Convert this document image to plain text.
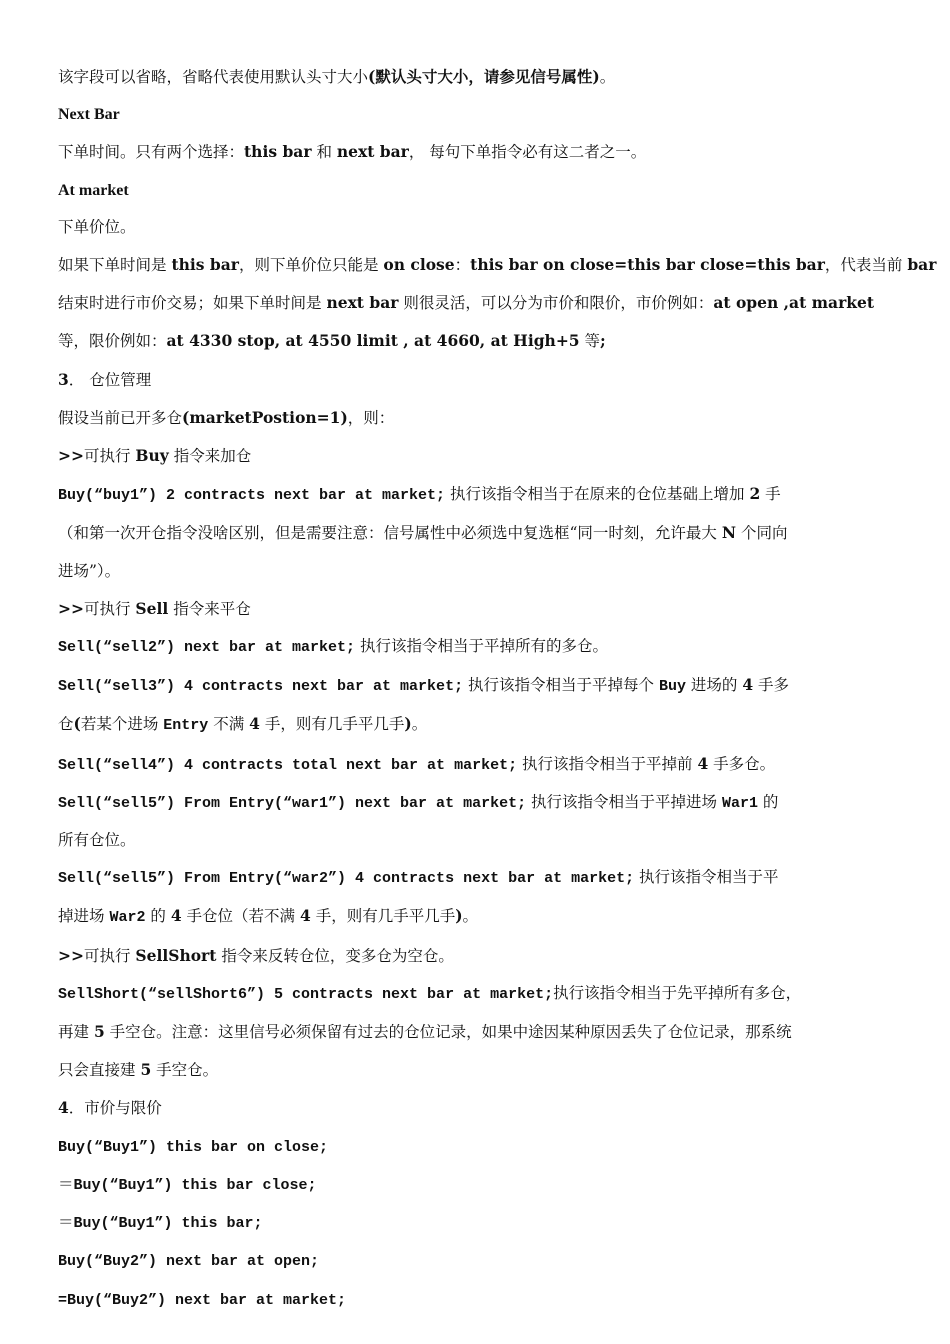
该字段可以省略，省略代表使用默认头寸大小(默认头寸大小，请参见信号属性)。

Next Bar

下单时间。只有两个选择：this bar 和 next bar， 每句下单指令必有这二者之一。

At market

下单价位。

如果下单时间是 this bar，则下单价位只能是 on close：this bar on close=this bar close=this bar，代表当前 bar

结束时进行市价交易；如果下单时间是 next bar 则很灵活，可以分为市价和限价，市价例如：at open ,at market

等，限价例如：at 4330 stop, at 4550 limit , at 4660, at High+5 等;

3． 仓位管理

假设当前已开多仓(marketPostion=1)，则：

>>可执行 Buy 指令来加仓

Buy(“buy1”) 2 contracts next bar at market; 执行该指令相当于在原来的仓位基础上增加 2 手

（和第一次开仓指令没啥区别，但是需要注意：信号属性中必须选中复选框“同一时刻，允许最大 N 个同向

进场”）。

>>可执行 Sell 指令来平仓

Sell(“sell2”) next bar at market; 执行该指令相当于平掉所有的多仓。

Sell(“sell3”) 4 contracts next bar at market; 执行该指令相当于平掉每个 Buy 进场的 4 手多

仓(若某个进场 Entry 不满 4 手，则有几手平几手)。

Sell(“sell4”) 4 contracts total next bar at market; 执行该指令相当于平掉前 4 手多仓。

Sell(“sell5”) From Entry(“war1”) next bar at market; 执行该指令相当于平掉进场 War1 的

所有仓位。

Sell(“sell5”) From Entry(“war2”) 4 contracts next bar at market; 执行该指令相当于平

掉进场 War2 的 4 手仓位（若不满 4 手，则有几手平几手)。

>>可执行 SellShort 指令来反转仓位，变多仓为空仓。

SellShort(“sellShort6”) 5 contracts next bar at market;执行该指令相当于先平掉所有多仓，

再建 5 手空仓。注意：这里信号必须保留有过去的仓位记录，如果中途因某种原因丢失了仓位记录，那系统

只会直接建 5 手空仓。

4．市价与限价

Buy(“Buy1”) this bar on close;

＝Buy(“Buy1”) this bar close;

＝Buy(“Buy1”) this bar;

Buy(“Buy2”) next bar at open;

=Buy(“Buy2”) next bar at market;
